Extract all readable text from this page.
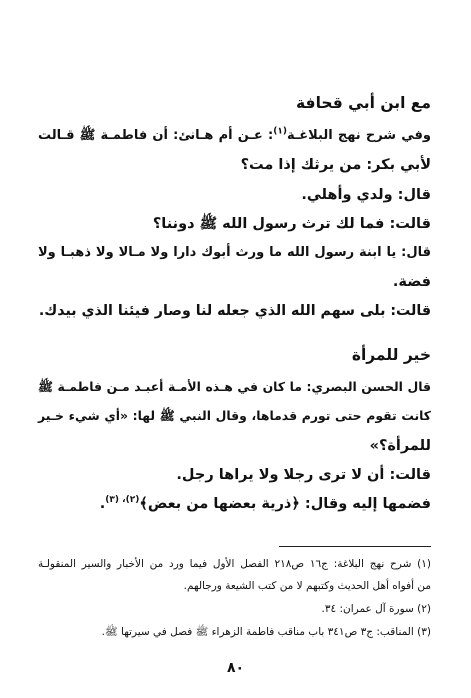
مع ابن أبي قحافة
وفي شرح نهج البلاغـة$^{(١)}$: عـن أم هـانئ: أن فاطمـة ﷺ قـالت
لأبي بكر: من يرثك إذا مت؟
قال: ولدي وأهلي.
قالت: فما لك ترث رسول الله ﷺ دوننا؟
قال: يا ابنة رسول الله ما ورث أبوك دارا ولا مـالا ولا ذهبـا ولا
فضة.
قالت: بلى سهم الله الذي جعله لنا وصار فيئنا الذي بيدك.
خير للمرأة
قال الحسن البصري: ما كان في هـذه الأمـة أعبـد مـن فاطمـة ﷺ
كانت تقوم حتى تورم قدماها، وقال النبي ﷺ لها: «أي شيء خـير
للمرأة؟»
قالت: أن لا ترى رجلا ولا يراها رجل.
فضمها إليه وقال: ﴿ذرية بعضها من بعض﴾$^{(٢)، (٣)}$.
(١) شرح نهج البلاغة: ج١٦ ص٢١٨ الفصل الأول فيما ورد من الأخبار والسير المنقولـة
من أفواه أهل الحديث وكتبهم لا من كتب الشيعة ورجالهم.
(٢) سورة آل عمران: ٣٤.
(٣) المناقب: ج٣ ص٣٤١ باب مناقب فاطمة الزهراء ﷺ فصل في سيرتها ﷺ.
٨٠
